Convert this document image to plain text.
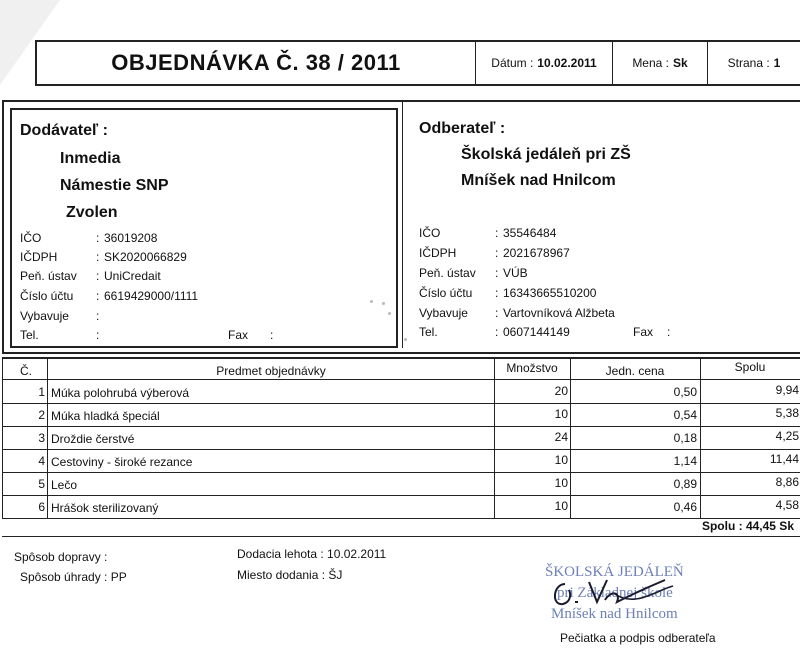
OBJEDNÁVKA Č. 38 / 2011	Dátum : 10.02.2011	Mena : Sk	Strana : 1
Dodávateľ :
Inmedia
Námestie SNP
Zvolen
IČO	: 36019208
IČDPH	: SK2020066829
Peň. ústav	: UniCredait
Číslo účtu	: 6619429000/1111
Vybavuje	:
Tel.	:	Fax :
Odberateľ :
Školská jedáleň pri ZŠ
Mníšek nad Hnilcom
IČO	: 35546484
IČDPH	: 2021678967
Peň. ústav	: VÚB
Číslo účtu	: 16343665510200
Vybavuje	: Vartovníková Alžbeta
Tel.	: 0607144149	Fax :
Č.	Predmet objednávky	Množstvo	Jedn. cena	Spolu
1 Múka polohrubá výberová	20	0,50	9,94
2 Múka hladká špeciál	10	0,54	5,38
3 Droždie čerstvé	24	0,18	4,25
4 Cestoviny - široké rezance	10	1,14	11,44
5 Lečo	10	0,89	8,86
6 Hrášok sterilizovaný	10	0,46	4,58
Spolu : 44,45 Sk
Spôsob dopravy :
Spôsob úhrady : PP
Dodacia lehota : 10.02.2011
Miesto dodania : ŠJ	ŠKOLSKÁ JEDÁLEŇ
pri Základnej škole
Mníšek nad Hnilcom
Pečiatka a podpis odberateľa
